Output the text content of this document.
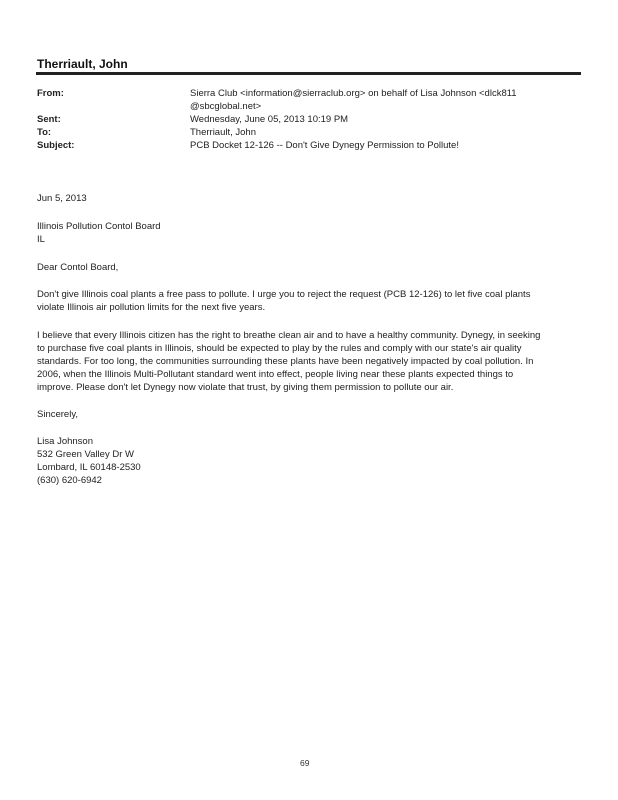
Therriault, John
From:	Sierra Club <information@sierraclub.org> on behalf of Lisa Johnson <dlck811
@sbcglobal.net>
Sent:	Wednesday, June 05, 2013 10:19 PM
To:	Therriault, John
Subject:	PCB Docket 12-126 -- Don't Give Dynegy Permission to Pollute!
Jun 5, 2013
Illinois Pollution Contol Board
IL
Dear Contol Board,
Don't give Illinois coal plants a free pass to pollute. I urge you to reject the request (PCB 12-126) to let five coal plants
violate Illinois air pollution limits for the next five years.
I believe that every Illinois citizen has the right to breathe clean air and to have a healthy community. Dynegy, in seeking
to purchase five coal plants in Illinois, should be expected to play by the rules and comply with our state's air quality
standards. For too long, the communities surrounding these plants have been negatively impacted by coal pollution. In
2006, when the Illinois Multi-Pollutant standard went into effect, people living near these plants expected things to
improve. Please don't let Dynegy now violate that trust, by giving them permission to pollute our air.
Sincerely,
Lisa Johnson
532 Green Valley Dr W
Lombard, IL 60148-2530
(630) 620-6942
69
